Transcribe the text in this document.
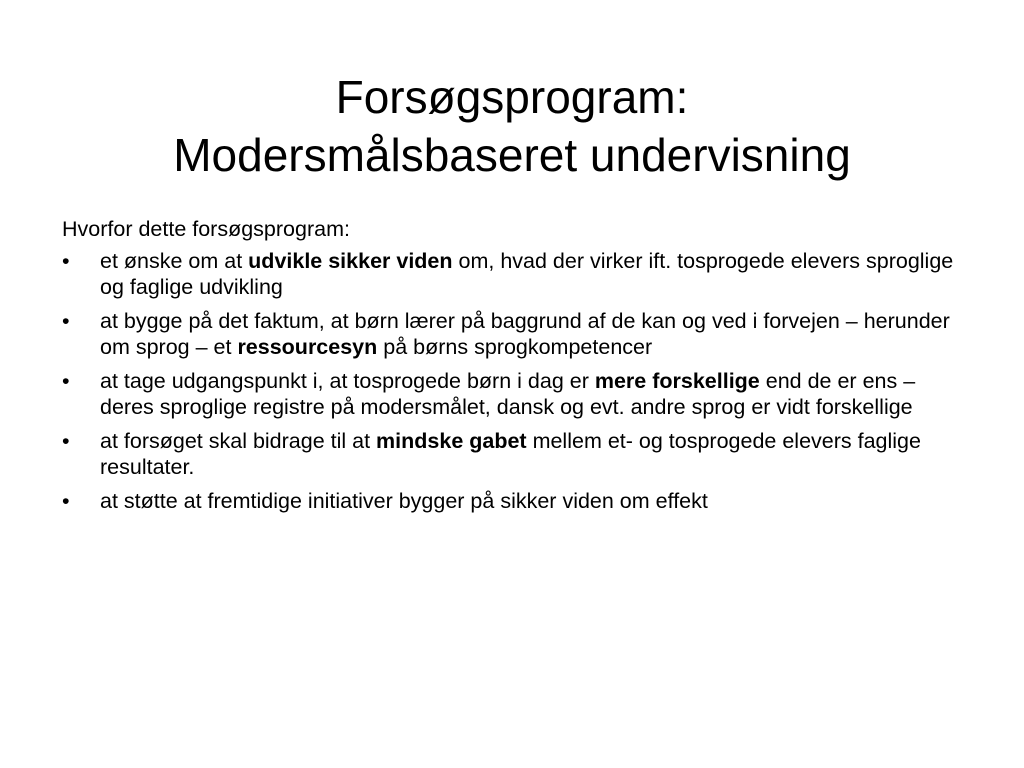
Forsøgsprogram:
Modersmålsbaseret undervisning

Hvorfor dette forsøgsprogram:

•	et ønske om at udvikle sikker viden om, hvad der virker ift. tosprogede elevers sproglige og faglige udvikling
•	at bygge på det faktum, at børn lærer på baggrund af de kan og ved i forvejen – herunder om sprog – et ressourcesyn på børns sprogkompetencer
•	at tage udgangspunkt i, at tosprogede børn i dag er mere forskellige end de er ens – deres sproglige registre på modersmålet, dansk og evt. andre sprog er vidt forskellige
•	at forsøget skal bidrage til at mindske gabet mellem et- og tosprogede elevers faglige resultater.
•	at støtte at fremtidige initiativer bygger på sikker viden om effekt
